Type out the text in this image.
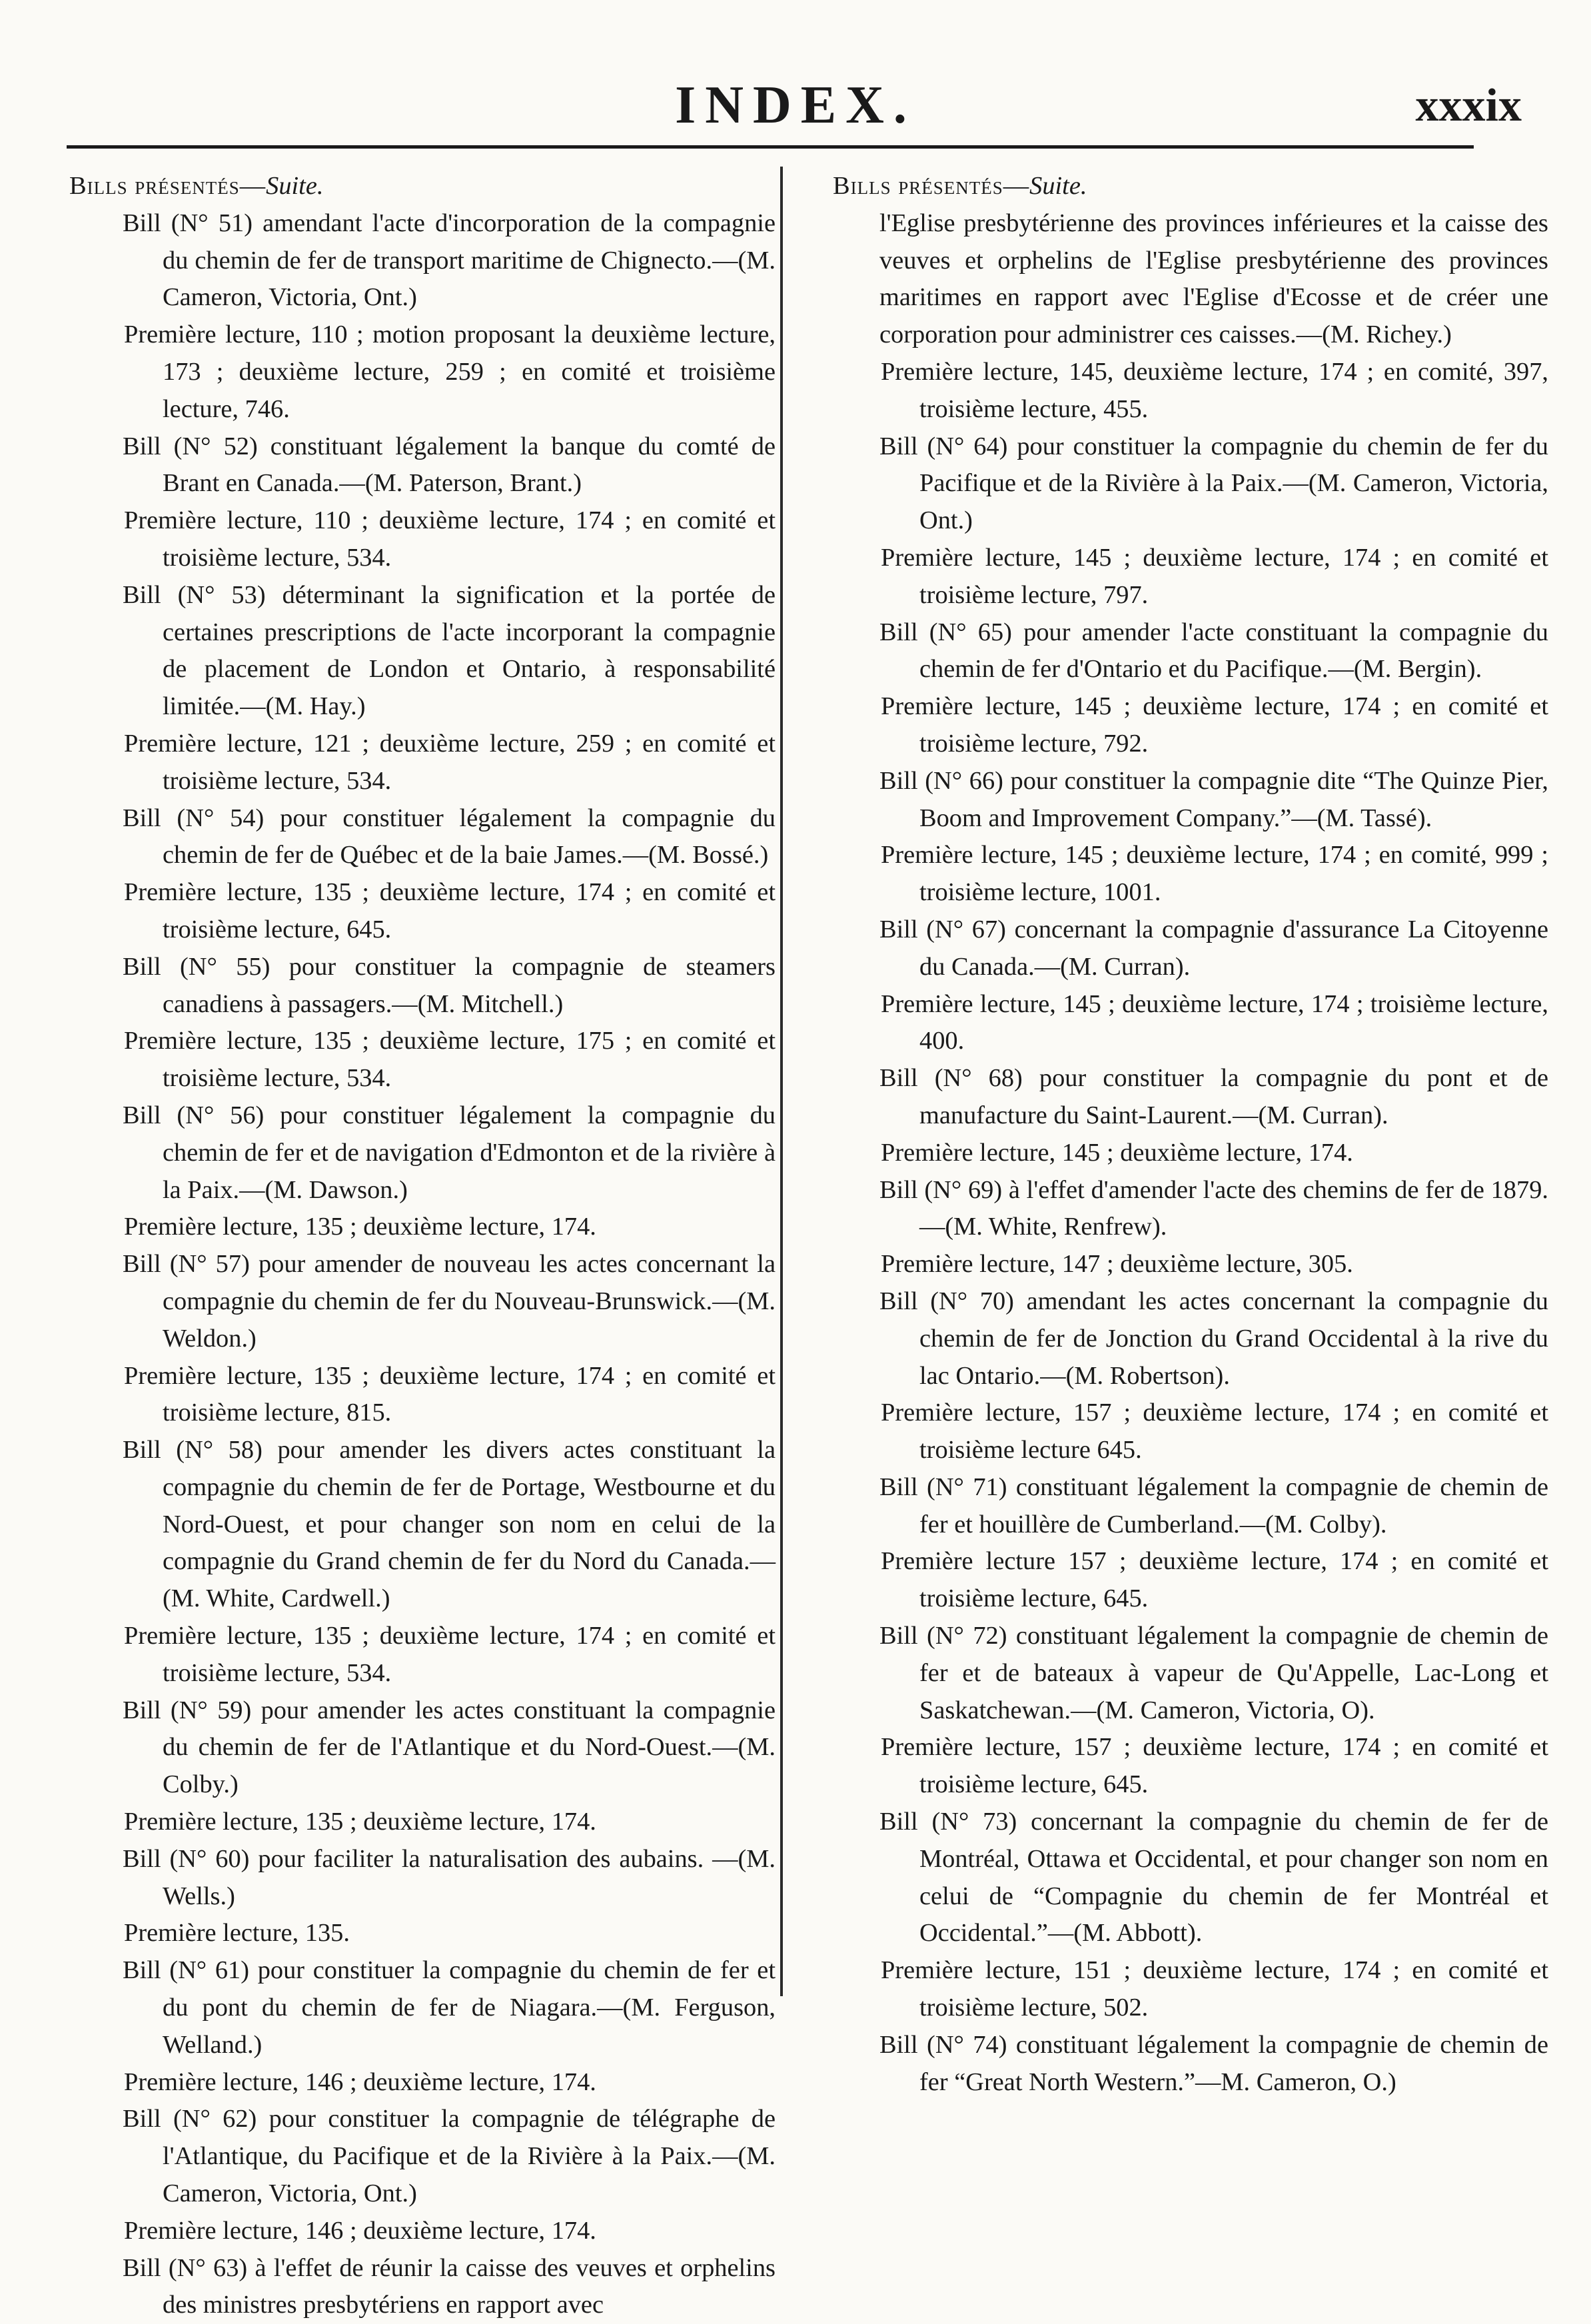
INDEX.	xxxix

Bills présentés—Suite.

Bill (N° 51) amendant l'acte d'incorporation de la compagnie du chemin de fer de transport maritime de Chignecto.—(M. Cameron, Victoria, Ont.)

Première lecture, 110 ; motion proposant la deuxième lecture, 173 ; deuxième lecture, 259 ; en comité et troisième lecture, 746.

Bill (N° 52) constituant légalement la banque du comté de Brant en Canada.—(M. Paterson, Brant.)

Première lecture, 110 ; deuxième lecture, 174 ; en comité et troisième lecture, 534.

Bill (N° 53) déterminant la signification et la portée de certaines prescriptions de l'acte incorporant la compagnie de placement de London et Ontario, à responsabilité limitée.—(M. Hay.)

Première lecture, 121 ; deuxième lecture, 259 ; en comité et troisième lecture, 534.

Bill (N° 54) pour constituer légalement la compagnie du chemin de fer de Québec et de la baie James.—(M. Bossé.)

Première lecture, 135 ; deuxième lecture, 174 ; en comité et troisième lecture, 645.

Bill (N° 55) pour constituer la compagnie de steamers canadiens à passagers.—(M. Mitchell.)

Première lecture, 135 ; deuxième lecture, 175 ; en comité et troisième lecture, 534.

Bill (N° 56) pour constituer légalement la compagnie du chemin de fer et de navigation d'Edmonton et de la rivière à la Paix.—(M. Dawson.)

Première lecture, 135 ; deuxième lecture, 174.

Bill (N° 57) pour amender de nouveau les actes concernant la compagnie du chemin de fer du Nouveau-Brunswick.—(M. Weldon.)

Première lecture, 135 ; deuxième lecture, 174 ; en comité et troisième lecture, 815.

Bill (N° 58) pour amender les divers actes constituant la compagnie du chemin de fer de Portage, Westbourne et du Nord-Ouest, et pour changer son nom en celui de la compagnie du Grand chemin de fer du Nord du Canada.—(M. White, Cardwell.)

Première lecture, 135 ; deuxième lecture, 174 ; en comité et troisième lecture, 534.

Bill (N° 59) pour amender les actes constituant la compagnie du chemin de fer de l'Atlantique et du Nord-Ouest.—(M. Colby.)

Première lecture, 135 ; deuxième lecture, 174.

Bill (N° 60) pour faciliter la naturalisation des aubains. —(M. Wells.)

Première lecture, 135.

Bill (N° 61) pour constituer la compagnie du chemin de fer et du pont du chemin de fer de Niagara.—(M. Ferguson, Welland.)

Première lecture, 146 ; deuxième lecture, 174.

Bill (N° 62) pour constituer la compagnie de télégraphe de l'Atlantique, du Pacifique et de la Rivière à la Paix.—(M. Cameron, Victoria, Ont.)

Première lecture, 146 ; deuxième lecture, 174.

Bill (N° 63) à l'effet de réunir la caisse des veuves et orphelins des ministres presbytériens en rapport avec

Bills présentés—Suite.

l'Eglise presbytérienne des provinces inférieures et la caisse des veuves et orphelins de l'Eglise presbytérienne des provinces maritimes en rapport avec l'Eglise d'Ecosse et de créer une corporation pour administrer ces caisses.—(M. Richey.)

Première lecture, 145, deuxième lecture, 174 ; en comité, 397, troisième lecture, 455.

Bill (N° 64) pour constituer la compagnie du chemin de fer du Pacifique et de la Rivière à la Paix.—(M. Cameron, Victoria, Ont.)

Première lecture, 145 ; deuxième lecture, 174 ; en comité et troisième lecture, 797.

Bill (N° 65) pour amender l'acte constituant la compagnie du chemin de fer d'Ontario et du Pacifique.—(M. Bergin).

Première lecture, 145 ; deuxième lecture, 174 ; en comité et troisième lecture, 792.

Bill (N° 66) pour constituer la compagnie dite “The Quinze Pier, Boom and Improvement Company.”—(M. Tassé).

Première lecture, 145 ; deuxième lecture, 174 ; en comité, 999 ; troisième lecture, 1001.

Bill (N° 67) concernant la compagnie d'assurance La Citoyenne du Canada.—(M. Curran).

Première lecture, 145 ; deuxième lecture, 174 ; troisième lecture, 400.

Bill (N° 68) pour constituer la compagnie du pont et de manufacture du Saint-Laurent.—(M. Curran).

Première lecture, 145 ; deuxième lecture, 174.

Bill (N° 69) à l'effet d'amender l'acte des chemins de fer de 1879.—(M. White, Renfrew).

Première lecture, 147 ; deuxième lecture, 305.

Bill (N° 70) amendant les actes concernant la compagnie du chemin de fer de Jonction du Grand Occidental à la rive du lac Ontario.—(M. Robertson).

Première lecture, 157 ; deuxième lecture, 174 ; en comité et troisième lecture 645.

Bill (N° 71) constituant légalement la compagnie de chemin de fer et houillère de Cumberland.—(M. Colby).

Première lecture 157 ; deuxième lecture, 174 ; en comité et troisième lecture, 645.

Bill (N° 72) constituant légalement la compagnie de chemin de fer et de bateaux à vapeur de Qu'Appelle, Lac-Long et Saskatchewan.—(M. Cameron, Victoria, O).

Première lecture, 157 ; deuxième lecture, 174 ; en comité et troisième lecture, 645.

Bill (N° 73) concernant la compagnie du chemin de fer de Montréal, Ottawa et Occidental, et pour changer son nom en celui de “Compagnie du chemin de fer Montréal et Occidental.”—(M. Abbott).

Première lecture, 151 ; deuxième lecture, 174 ; en comité et troisième lecture, 502.

Bill (N° 74) constituant légalement la compagnie de chemin de fer “Great North Western.”—M. Cameron, O.)
